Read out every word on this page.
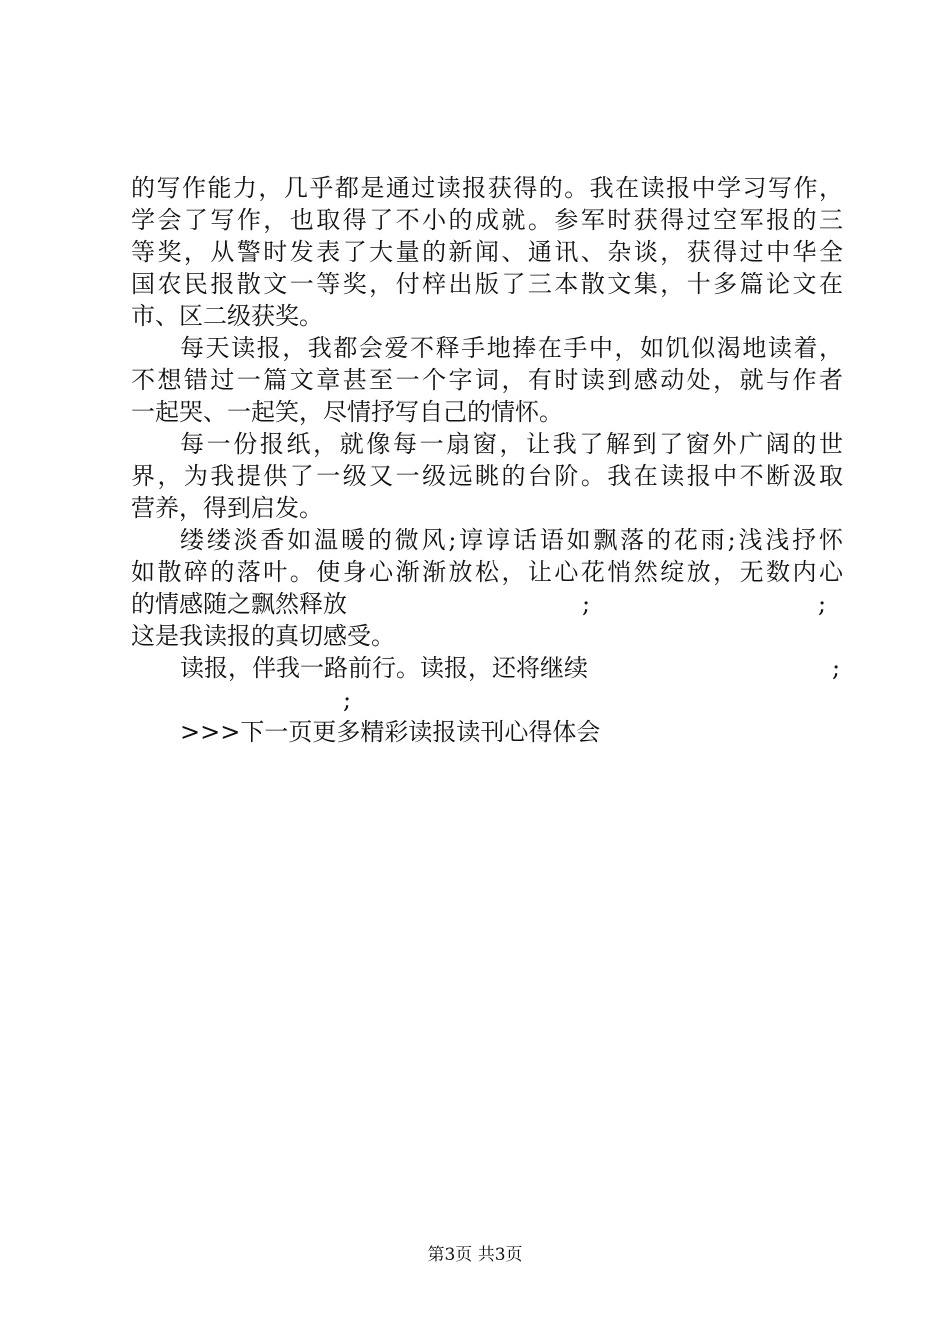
的写作能力，几乎都是通过读报获得的。我在读报中学习写作，
学会了写作，也取得了不小的成就。参军时获得过空军报的三
等奖，从警时发表了大量的新闻、通讯、杂谈，获得过中华全
国农民报散文一等奖，付梓出版了三本散文集，十多篇论文在
市、区二级获奖。
每天读报，我都会爱不释手地捧在手中，如饥似渴地读着，
不想错过一篇文章甚至一个字词，有时读到感动处，就与作者
一起哭、一起笑，尽情抒写自己的情怀。
每一份报纸，就像每一扇窗，让我了解到了窗外广阔的世
界，为我提供了一级又一级远眺的台阶。我在读报中不断汲取
营养，得到启发。
缕缕淡香如温暖的微风;谆谆话语如飘落的花雨;浅浅抒怀
如散碎的落叶。使身心渐渐放松，让心花悄然绽放，无数内心
的情感随之飘然释放	;	;
这是我读报的真切感受。
读报，伴我一路前行。读报，还将继续	;
;
>>>下一页更多精彩读报读刊心得体会
第3页 共3页
